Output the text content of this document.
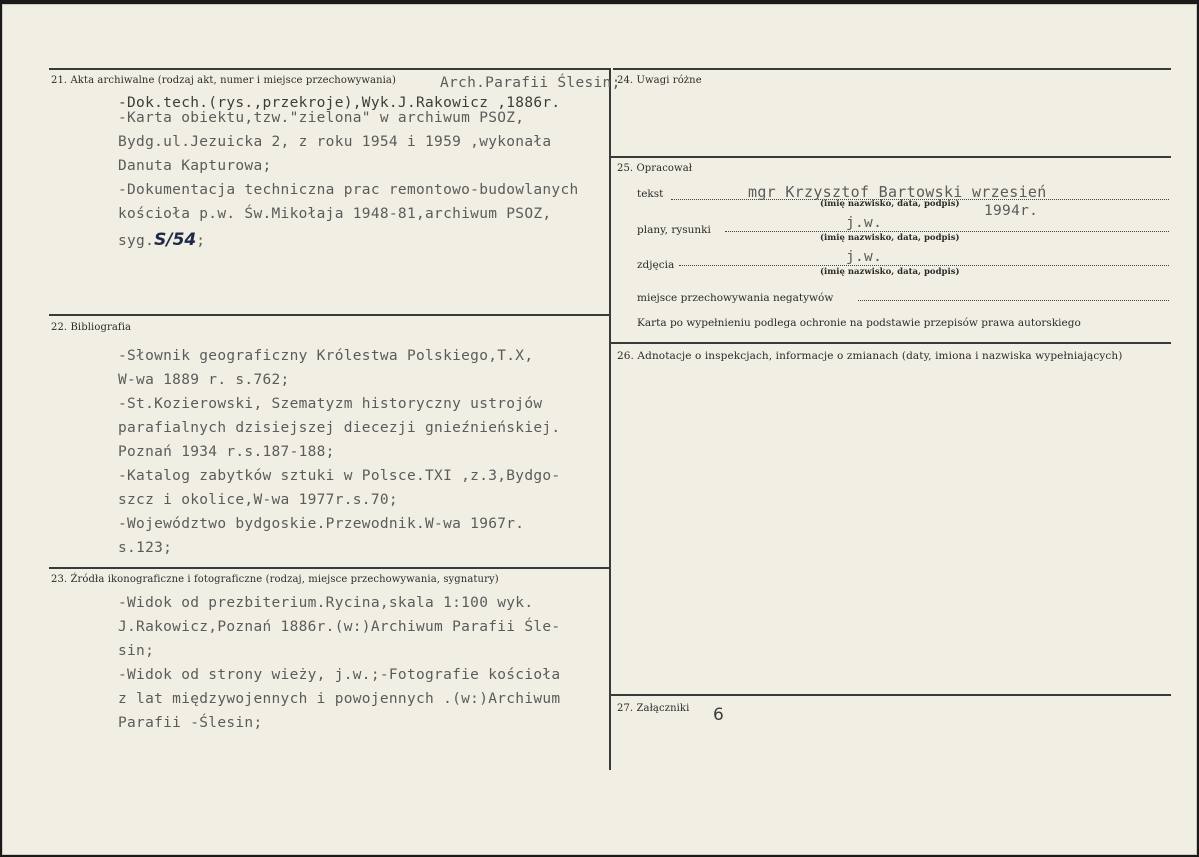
21. Akta archiwalne (rodzaj akt, numer i miejsce przechowywania)	Arch.Parafii Ślesin;
-Dok.tech.(rys.,przekroje),Wyk.J.Rakowicz ,1886r.
-Karta obiektu,tzw."zielona" w archiwum PSOZ,
Bydg.ul.Jezuicka 2, z roku 1954 i 1959 ,wykonała
Danuta Kapturowa;
-Dokumentacja techniczna prac remontowo-budowlanych
kościoła p.w. Św.Mikołaja 1948-81,archiwum PSOZ,
syg.S/54;
22. Bibliografia
-Słownik geograficzny Królestwa Polskiego,T.X,
W-wa 1889 r. s.762;
-St.Kozierowski, Szematyzm historyczny ustrojów
parafialnych dzisiejszej diecezji gnieźnieńskiej.
Poznań 1934 r.s.187-188;
-Katalog zabytków sztuki w Polsce.TXI ,z.3,Bydgo-
szcz i okolice,W-wa 1977r.s.70;
-Województwo bydgoskie.Przewodnik.W-wa 1967r.
s.123;
23. Źródła ikonograficzne i fotograficzne (rodzaj, miejsce przechowywania, sygnatury)
-Widok od prezbiterium.Rycina,skala 1:100 wyk.
J.Rakowicz,Poznań 1886r.(w:)Archiwum Parafii Śle-
sin;
-Widok od strony wieży, j.w.;-Fotografie kościoła
z lat międzywojennych i powojennych .(w:)Archiwum
Parafii -Ślesin;
24. Uwagi różne
25. Opracował
tekst	mgr Krzysztof Bartowski wrzesień
(imię nazwisko, data, podpis) 1994r.
plany, rysunki	j.w.
(imię nazwisko, data, podpis)
zdjęcia	j.w.
(imię nazwisko, data, podpis)
miejsce przechowywania negatywów
Karta po wypełnieniu podlega ochronie na podstawie przepisów prawa autorskiego
26. Adnotacje o inspekcjach, informacje o zmianach (daty, imiona i nazwiska wypełniających)
27. Załączniki 6
